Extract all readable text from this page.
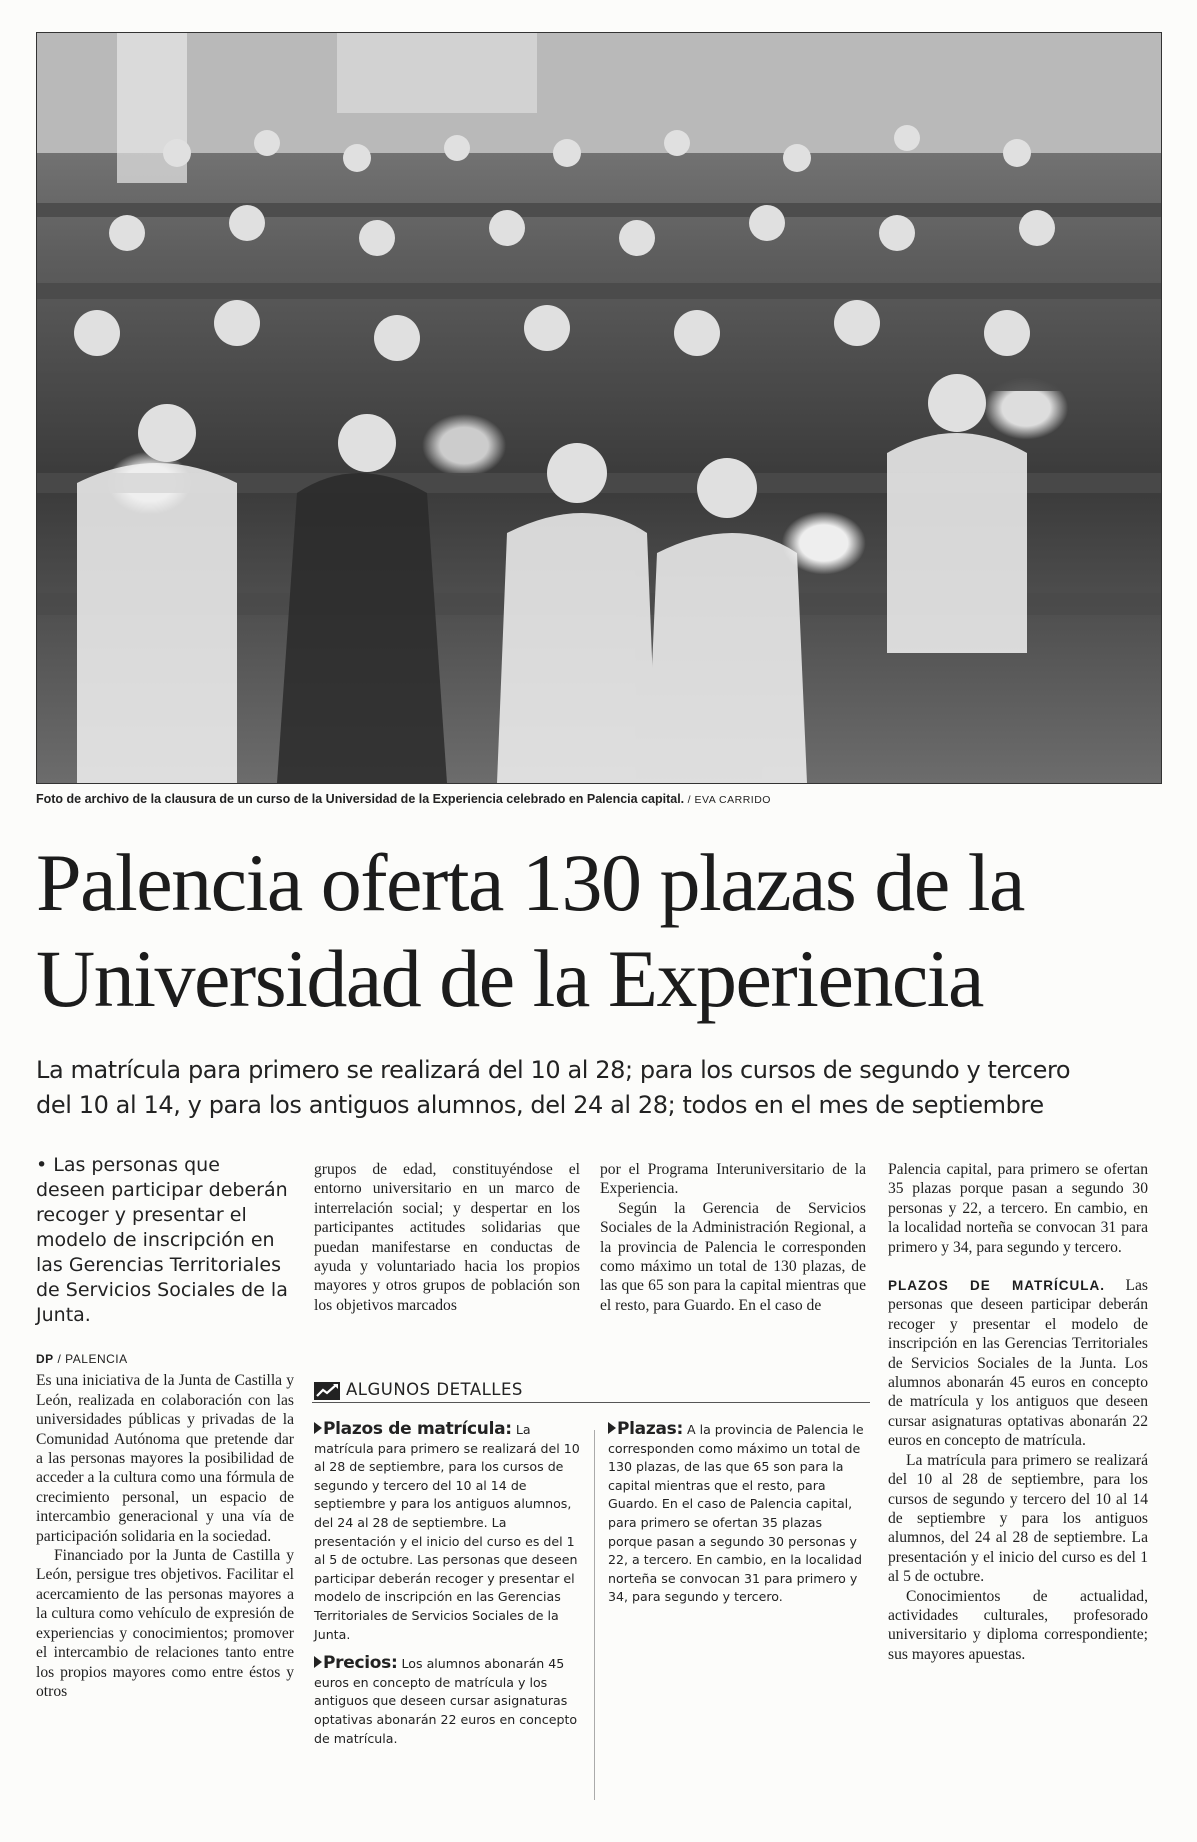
Foto de archivo de la clausura de un curso de la Universidad de la Experiencia celebrado en Palencia capital. / EVA CARRIDO
Palencia oferta 130 plazas de la
Universidad de la Experiencia
La matrícula para primero se realizará del 10 al 28; para los cursos de segundo y tercero
del 10 al 14, y para los antiguos alumnos, del 24 al 28; todos en el mes de septiembre

• Las personas que deseen participar deberán recoger y presentar el modelo de inscripción en las Gerencias Territoriales de Servicios Sociales de la Junta.

DP / PALENCIA

Es una iniciativa de la Junta de Castilla y León, realizada en colaboración con las universidades públicas y privadas de la Comunidad Autónoma que pretende dar a las personas mayores la posibilidad de acceder a la cultura como una fórmula de crecimiento personal, un espacio de intercambio generacional y una vía de participación solidaria en la sociedad.

Financiado por la Junta de Castilla y León, persigue tres objetivos. Facilitar el acercamiento de las personas mayores a la cultura como vehículo de expresión de experiencias y conocimientos; promover el intercambio de relaciones tanto entre los propios mayores como entre éstos y otros

grupos de edad, constituyéndose el entorno universitario en un marco de interrelación social; y despertar en los participantes actitudes solidarias que puedan manifestarse en conductas de ayuda y voluntariado hacia los propios mayores y otros grupos de población son los objetivos marcados

por el Programa Interuniversitario de la Experiencia.

Según la Gerencia de Servicios Sociales de la Administración Regional, a la provincia de Palencia le corresponden como máximo un total de 130 plazas, de las que 65 son para la capital mientras que el resto, para Guardo. En el caso de

Palencia capital, para primero se ofertan 35 plazas porque pasan a segundo 30 personas y 22, a tercero. En cambio, en la localidad norteña se convocan 31 para primero y 34, para segundo y tercero.

PLAZOS DE MATRÍCULA. Las personas que deseen participar deberán recoger y presentar el modelo de inscripción en las Gerencias Territoriales de Servicios Sociales de la Junta. Los alumnos abonarán 45 euros en concepto de matrícula y los antiguos que deseen cursar asignaturas optativas abonarán 22 euros en concepto de matrícula.

La matrícula para primero se realizará del 10 al 28 de septiembre, para los cursos de segundo y tercero del 10 al 14 de septiembre y para los antiguos alumnos, del 24 al 28 de septiembre. La presentación y el inicio del curso es del 1 al 5 de octubre.

Conocimientos de actualidad, actividades culturales, profesorado universitario y diploma correspondiente; sus mayores apuestas.

ALGUNOS DETALLES

Plazos de matrícula: La matrícula para primero se realizará del 10 al 28 de septiembre, para los cursos de segundo y tercero del 10 al 14 de septiembre y para los antiguos alumnos, del 24 al 28 de septiembre. La presentación y el inicio del curso es del 1 al 5 de octubre. Las personas que deseen participar deberán recoger y presentar el modelo de inscripción en las Gerencias Territoriales de Servicios Sociales de la Junta.

Precios: Los alumnos abonarán 45 euros en concepto de matrícula y los antiguos que deseen cursar asignaturas optativas abonarán 22 euros en concepto de matrícula.

Plazas: A la provincia de Palencia le corresponden como máximo un total de 130 plazas, de las que 65 son para la capital mientras que el resto, para Guardo. En el caso de Palencia capital, para primero se ofertan 35 plazas porque pasan a segundo 30 personas y 22, a tercero. En cambio, en la localidad norteña se convocan 31 para primero y 34, para segundo y tercero.
